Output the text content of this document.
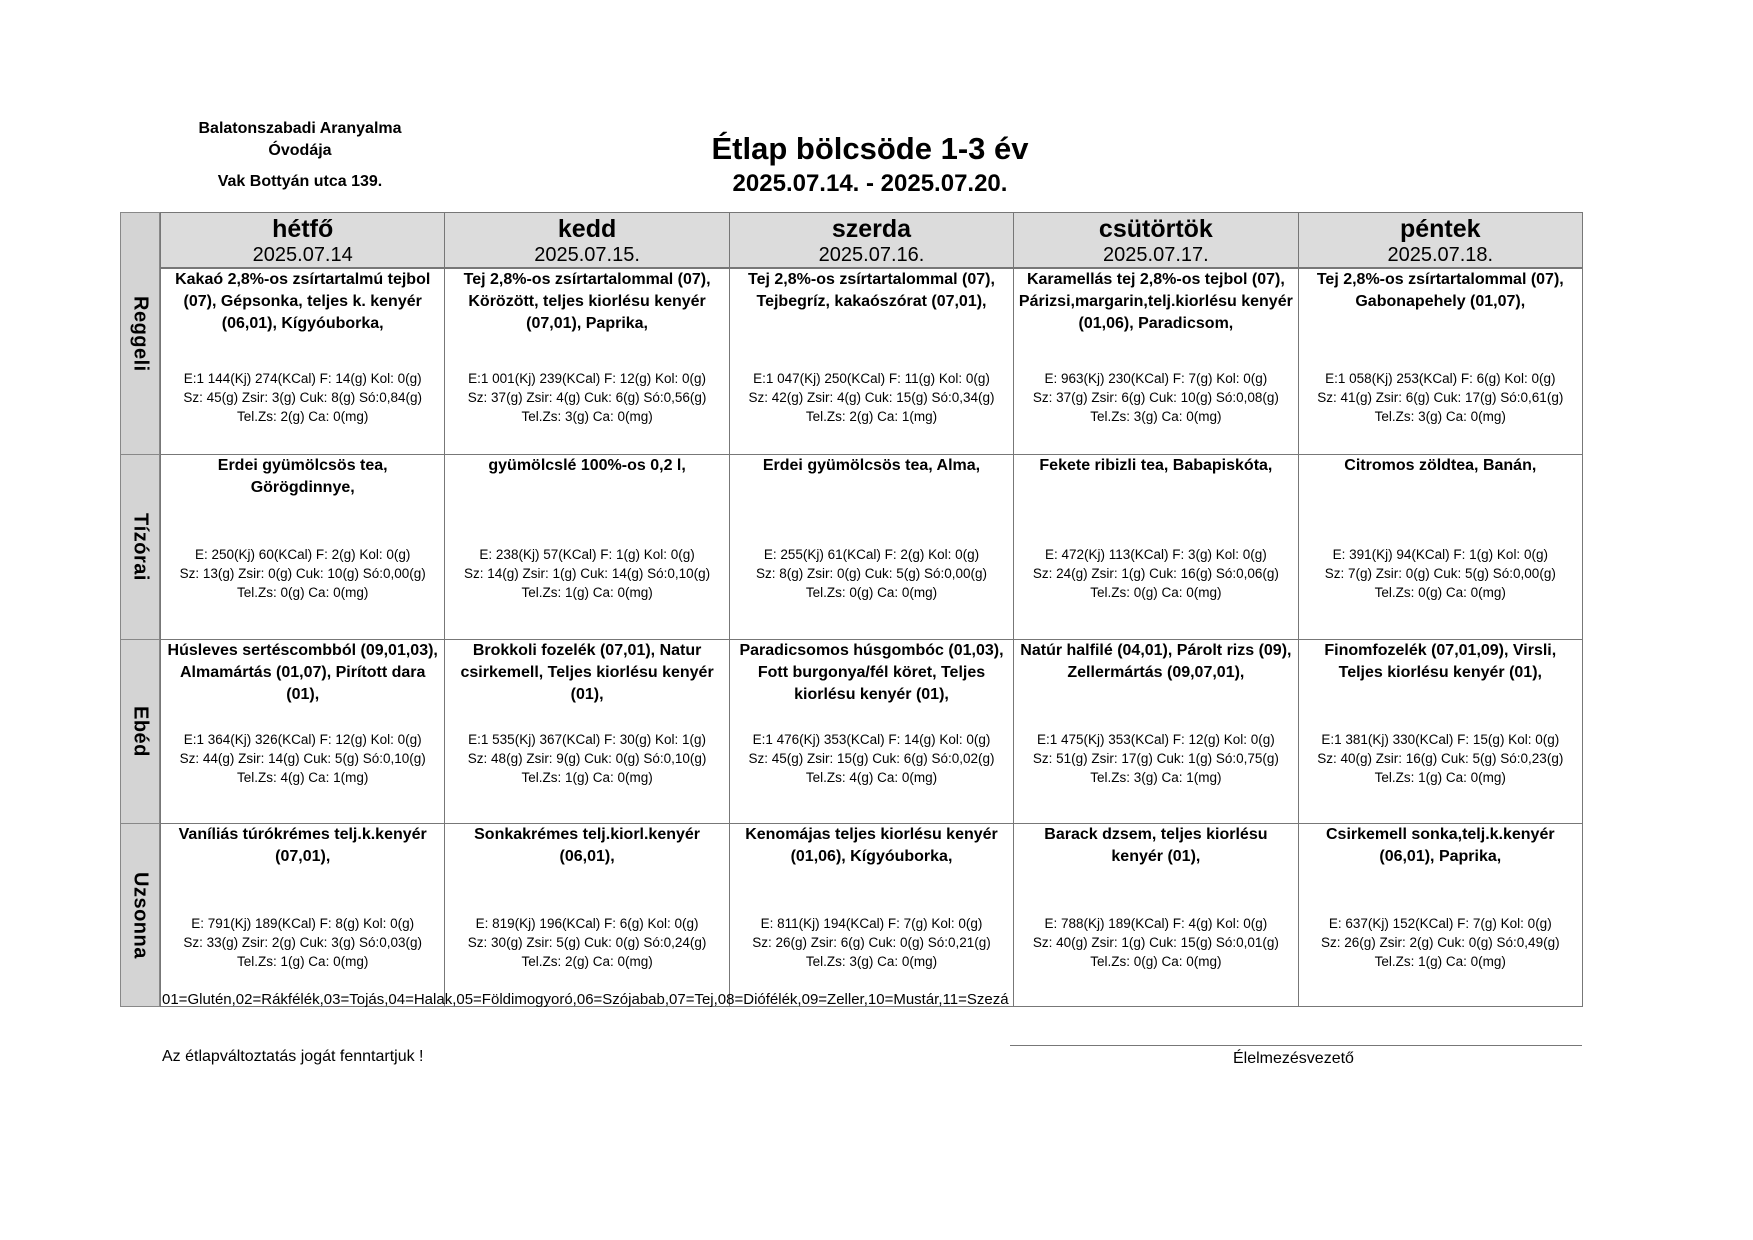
Balatonszabadi Aranyalma
Óvodája
Vak Bottyán utca 139.
Étlap bölcsöde 1-3 év
2025.07.14. - 2025.07.20.
hétfő
2025.07.14
kedd
2025.07.15.
szerda
2025.07.16.
csütörtök
2025.07.17.
péntek
2025.07.18.
Reggeli
Kakaó 2,8%-os zsírtartalmú tejbol (07), Gépsonka, teljes k. kenyér (06,01), Kígyóuborka,
E:1 144(Kj) 274(KCal) F: 14(g) Kol: 0(g)
Sz: 45(g) Zsir: 3(g) Cuk: 8(g) Só:0,84(g)
Tel.Zs: 2(g) Ca: 0(mg)
Tej 2,8%-os zsírtartalommal (07), Körözött, teljes kiorlésu kenyér (07,01), Paprika,
E:1 001(Kj) 239(KCal) F: 12(g) Kol: 0(g)
Sz: 37(g) Zsir: 4(g) Cuk: 6(g) Só:0,56(g)
Tel.Zs: 3(g) Ca: 0(mg)
Tej 2,8%-os zsírtartalommal (07), Tejbegríz, kakaószórat (07,01),
E:1 047(Kj) 250(KCal) F: 11(g) Kol: 0(g)
Sz: 42(g) Zsir: 4(g) Cuk: 15(g) Só:0,34(g)
Tel.Zs: 2(g) Ca: 1(mg)
Karamellás tej 2,8%-os tejbol (07), Párizsi,margarin,telj.kiorlésu kenyér (01,06), Paradicsom,
E: 963(Kj) 230(KCal) F: 7(g) Kol: 0(g)
Sz: 37(g) Zsir: 6(g) Cuk: 10(g) Só:0,08(g)
Tel.Zs: 3(g) Ca: 0(mg)
Tej 2,8%-os zsírtartalommal (07), Gabonapehely (01,07),
E:1 058(Kj) 253(KCal) F: 6(g) Kol: 0(g)
Sz: 41(g) Zsir: 6(g) Cuk: 17(g) Só:0,61(g)
Tel.Zs: 3(g) Ca: 0(mg)
Tízórai
Erdei gyümölcsös tea, Görögdinnye,
E: 250(Kj) 60(KCal) F: 2(g) Kol: 0(g)
Sz: 13(g) Zsir: 0(g) Cuk: 10(g) Só:0,00(g)
Tel.Zs: 0(g) Ca: 0(mg)
gyümölcslé 100%-os 0,2 l,
E: 238(Kj) 57(KCal) F: 1(g) Kol: 0(g)
Sz: 14(g) Zsir: 1(g) Cuk: 14(g) Só:0,10(g)
Tel.Zs: 1(g) Ca: 0(mg)
Erdei gyümölcsös tea, Alma,
E: 255(Kj) 61(KCal) F: 2(g) Kol: 0(g)
Sz: 8(g) Zsir: 0(g) Cuk: 5(g) Só:0,00(g)
Tel.Zs: 0(g) Ca: 0(mg)
Fekete ribizli tea, Babapiskóta,
E: 472(Kj) 113(KCal) F: 3(g) Kol: 0(g)
Sz: 24(g) Zsir: 1(g) Cuk: 16(g) Só:0,06(g)
Tel.Zs: 0(g) Ca: 0(mg)
Citromos zöldtea, Banán,
E: 391(Kj) 94(KCal) F: 1(g) Kol: 0(g)
Sz: 7(g) Zsir: 0(g) Cuk: 5(g) Só:0,00(g)
Tel.Zs: 0(g) Ca: 0(mg)
Ebéd
Húsleves sertéscombból (09,01,03), Almamártás (01,07), Pirított dara (01),
E:1 364(Kj) 326(KCal) F: 12(g) Kol: 0(g)
Sz: 44(g) Zsir: 14(g) Cuk: 5(g) Só:0,10(g)
Tel.Zs: 4(g) Ca: 1(mg)
Brokkoli fozelék (07,01), Natur csirkemell, Teljes kiorlésu kenyér (01),
E:1 535(Kj) 367(KCal) F: 30(g) Kol: 1(g)
Sz: 48(g) Zsir: 9(g) Cuk: 0(g) Só:0,10(g)
Tel.Zs: 1(g) Ca: 0(mg)
Paradicsomos húsgombóc (01,03), Fott burgonya/fél köret, Teljes kiorlésu kenyér (01),
E:1 476(Kj) 353(KCal) F: 14(g) Kol: 0(g)
Sz: 45(g) Zsir: 15(g) Cuk: 6(g) Só:0,02(g)
Tel.Zs: 4(g) Ca: 0(mg)
Natúr halfilé (04,01), Párolt rizs (09), Zellermártás (09,07,01),
E:1 475(Kj) 353(KCal) F: 12(g) Kol: 0(g)
Sz: 51(g) Zsir: 17(g) Cuk: 1(g) Só:0,75(g)
Tel.Zs: 3(g) Ca: 1(mg)
Finomfozelék (07,01,09), Virsli, Teljes kiorlésu kenyér (01),
E:1 381(Kj) 330(KCal) F: 15(g) Kol: 0(g)
Sz: 40(g) Zsir: 16(g) Cuk: 5(g) Só:0,23(g)
Tel.Zs: 1(g) Ca: 0(mg)
Uzsonna
Vaníliás túrókrémes telj.k.kenyér (07,01),
E: 791(Kj) 189(KCal) F: 8(g) Kol: 0(g)
Sz: 33(g) Zsir: 2(g) Cuk: 3(g) Só:0,03(g)
Tel.Zs: 1(g) Ca: 0(mg)
Sonkakrémes telj.kiorl.kenyér (06,01),
E: 819(Kj) 196(KCal) F: 6(g) Kol: 0(g)
Sz: 30(g) Zsir: 5(g) Cuk: 0(g) Só:0,24(g)
Tel.Zs: 2(g) Ca: 0(mg)
Kenomájas teljes kiorlésu kenyér (01,06), Kígyóuborka,
E: 811(Kj) 194(KCal) F: 7(g) Kol: 0(g)
Sz: 26(g) Zsir: 6(g) Cuk: 0(g) Só:0,21(g)
Tel.Zs: 3(g) Ca: 0(mg)
Barack dzsem, teljes kiorlésu kenyér (01),
E: 788(Kj) 189(KCal) F: 4(g) Kol: 0(g)
Sz: 40(g) Zsir: 1(g) Cuk: 15(g) Só:0,01(g)
Tel.Zs: 0(g) Ca: 0(mg)
Csirkemell sonka,telj.k.kenyér (06,01), Paprika,
E: 637(Kj) 152(KCal) F: 7(g) Kol: 0(g)
Sz: 26(g) Zsir: 2(g) Cuk: 0(g) Só:0,49(g)
Tel.Zs: 1(g) Ca: 0(mg)
01=Glutén,02=Rákfélék,03=Tojás,04=Halak,05=Földimogyoró,06=Szójabab,07=Tej,08=Diófélék,09=Zeller,10=Mustár,11=Szezá
Az étlapváltoztatás jogát fenntartjuk !	Élelmezésvezető
